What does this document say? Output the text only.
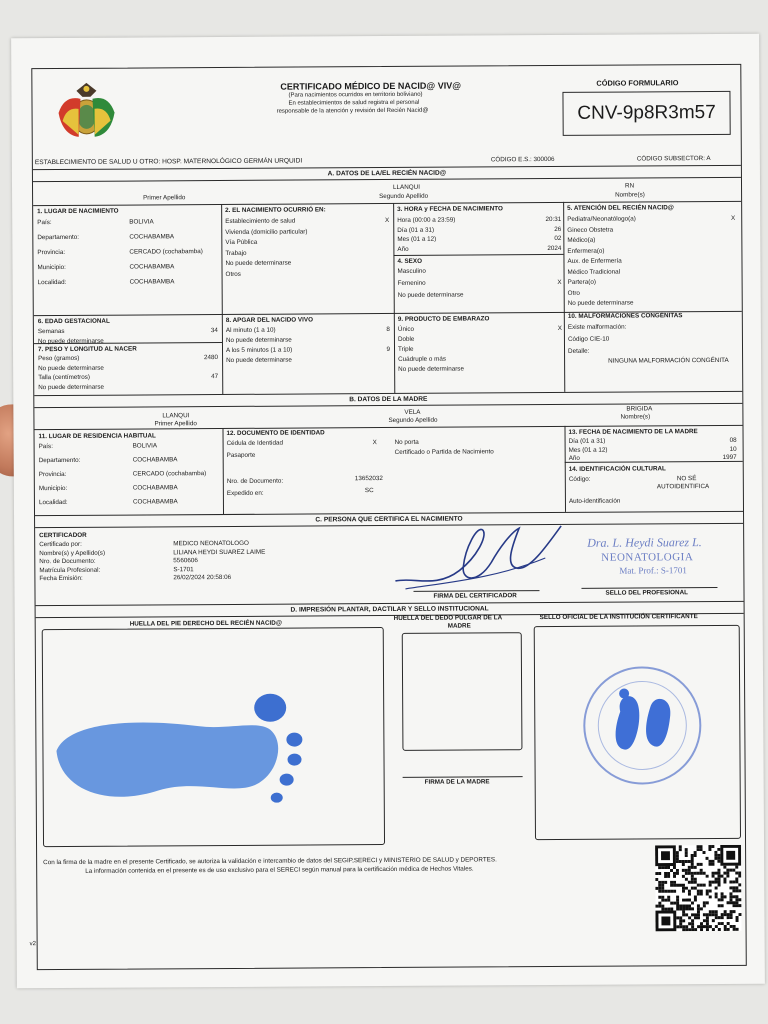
CERTIFICADO MÉDICO DE NACID@ VIV@
(Para nacimientos ocurridos en territorio boliviano)
En establecimientos de salud registra el personal
responsable de la atención y revisión del Recién Nacid@
CÓDIGO FORMULARIO
CNV-9p8R3m57
ESTABLECIMIENTO DE SALUD U OTRO: HOSP. MATERNOLÓGICO GERMÁN URQUIDI	CÓDIGO E.S.: 300006	CÓDIGO SUBSECTOR: A
A. DATOS DE LA/EL RECIÉN NACID@
Primer Apellido
LLANQUI
Segundo Apellido
RN
Nombre(s)
1. LUGAR DE NACIMIENTO
País:	BOLIVIA
Departamento:	COCHABAMBA
Provincia:	CERCADO (cochabamba)
Municipio:	COCHABAMBA
Localidad:	COCHABAMBA
2. EL NACIMIENTO OCURRIÓ EN:
Establecimiento de salud	X
Vivienda (domicilio particular)
Vía Pública
Trabajo
No puede determinarse
Otros
3. HORA y FECHA DE NACIMIENTO
Hora (00:00 a 23:59)	20:31
Día (01 a 31)	26
Mes (01 a 12)	02
Año	2024
4. SEXO
Masculino
Femenino	X
No puede determinarse
5. ATENCIÓN DEL RECIÉN NACID@
Pediatra/Neonatólogo(a)	X
Gineco Obstetra
Médico(a)
Enfermera(o)
Aux. de Enfermería
Médico Tradicional
Partera(o)
Otro
No puede determinarse
6. EDAD GESTACIONAL
Semanas	34
No puede determinarse
7. PESO Y LONGITUD AL NACER
Peso (gramos)	2480
No puede determinarse
Talla (centímetros)	47
No puede determinarse
8. APGAR DEL NACIDO VIVO
Al minuto (1 a 10)	8
No puede determinarse
A los 5 minutos (1 a 10)	9
No puede determinarse
9. PRODUCTO DE EMBARAZO
Único	X
Doble
Triple
Cuádruple o más
No puede determinarse
10. MALFORMACIONES CONGÉNITAS
Existe malformación:
Código CIE-10
Detalle:
NINGUNA MALFORMACIÓN CONGÉNITA
B. DATOS DE LA MADRE
LLANQUI
Primer Apellido
VELA
Segundo Apellido
BRIGIDA
Nombre(s)
11. LUGAR DE RESIDENCIA HABITUAL
País:	BOLIVIA
Departamento:	COCHABAMBA
Provincia:	CERCADO (cochabamba)
Municipio:	COCHABAMBA
Localidad:	COCHABAMBA
12. DOCUMENTO DE IDENTIDAD
Cédula de Identidad	X	No porta
Pasaporte	Certificado o Partida de Nacimiento
Nro. de Documento:	13652032
Expedido en:	SC
13. FECHA DE NACIMIENTO DE LA MADRE
Día (01 a 31)	08
Mes (01 a 12)	10
Año	1997
14. IDENTIFICACIÓN CULTURAL
Código:	NO SÉ
AUTOIDENTIFICA
Auto-identificación
C. PERSONA QUE CERTIFICA EL NACIMIENTO
CERTIFICADOR
Certificado por:	MEDICO NEONATOLOGO
Nombre(s) y Apellido(s)	LILIANA HEYDI SUAREZ LAIME
Nro. de Documento:	5560606
Matrícula Profesional:	S-1701
Fecha Emisión:	26/02/2024 20:58:06
Dra. L. Heydi Suarez L.
NEONATOLOGIA
Mat. Prof.: S-1701
FIRMA DEL CERTIFICADOR	SELLO DEL PROFESIONAL
D. IMPRESIÓN PLANTAR, DACTILAR Y SELLO INSTITUCIONAL
HUELLA DEL PIE DERECHO DEL RECIÉN NACID@
HUELLA DEL DEDO PULGAR DE LA
MADRE
SELLO OFICIAL DE LA INSTITUCIÓN CERTIFICANTE
FIRMA DE LA MADRE
Con la firma de la madre en el presente Certificado, se autoriza la validación e intercambio de datos del SEGIP,SERECI y MINISTERIO DE SALUD y DEPORTES.
La información contenida en el presente es de uso exclusivo para el SERECI según manual para la certificación médica de Hechos Vitales.
v2
